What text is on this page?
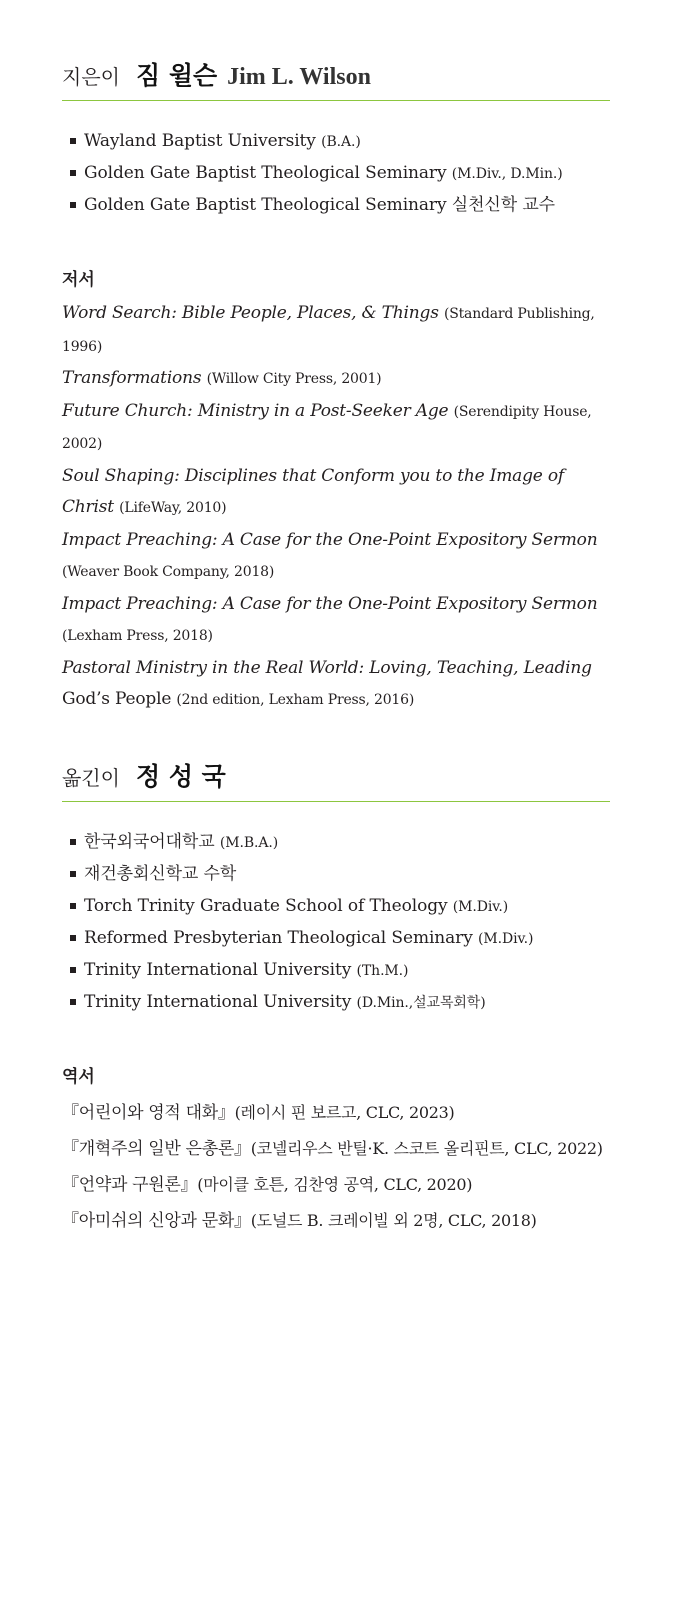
지은이 짐 윌슨 Jim L. Wilson
Wayland Baptist University (B.A.)
Golden Gate Baptist Theological Seminary (M.Div., D.Min.)
Golden Gate Baptist Theological Seminary 실천신학 교수
저서
Word Search: Bible People, Places, & Things (Standard Publishing, 1996)
Transformations (Willow City Press, 2001)
Future Church: Ministry in a Post-Seeker Age (Serendipity House, 2002)
Soul Shaping: Disciplines that Conform you to the Image of Christ (LifeWay, 2010)
Impact Preaching: A Case for the One-Point Expository Sermon (Weaver Book Company, 2018)
Impact Preaching: A Case for the One-Point Expository Sermon (Lexham Press, 2018)
Pastoral Ministry in the Real World: Loving, Teaching, Leading God’s People (2nd edition, Lexham Press, 2016)
옮긴이 정 성 국
한국외국어대학교 (M.B.A.)
재건총회신학교 수학
Torch Trinity Graduate School of Theology (M.Div.)
Reformed Presbyterian Theological Seminary (M.Div.)
Trinity International University (Th.M.)
Trinity International University (D.Min.,설교목회학)
역서
『어린이와 영적 대화』(레이시 핀 보르고, CLC, 2023)
『개혁주의 일반 은총론』(코넬리우스 반틸·K. 스코트 올리핀트, CLC, 2022)
『언약과 구원론』(마이클 호튼, 김찬영 공역, CLC, 2020)
『아미쉬의 신앙과 문화』(도널드 B. 크레이빌 외 2명, CLC, 2018)
